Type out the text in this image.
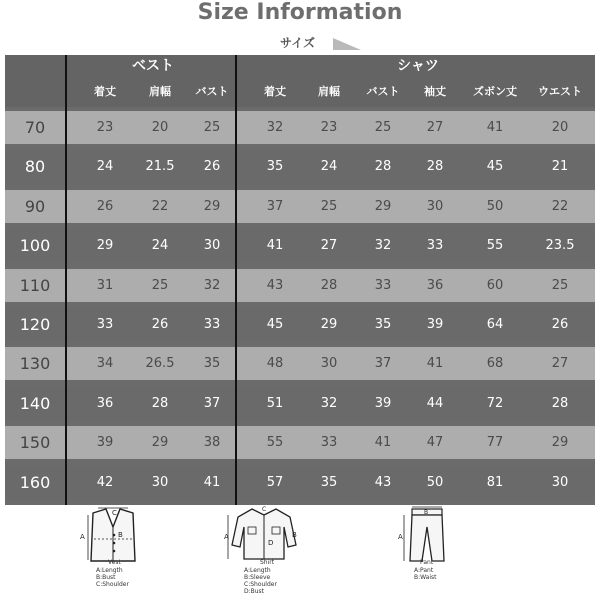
Size Information
サイズ
ベスト	シャツ
着丈	肩幅	バスト	着丈	肩幅	バスト	袖丈	ズボン丈	ウエスト
70	23	20	25	32	23	25	27	41	20
80	24	21.5	26	35	24	28	28	45	21
90	26	22	29	37	25	29	30	50	22
100	29	24	30	41	27	32	33	55	23.5
110	31	25	32	43	28	33	36	60	25
120	33	26	33	45	29	35	39	64	26
130	34	26.5	35	48	30	37	41	68	27
140	36	28	37	51	32	39	44	72	28
150	39	29	38	55	33	41	47	77	29
160	42	30	41	57	35	43	50	81	30
C
A	B
Vest
A:Length
B:Bust
C:Shoulder
A	B
C
D
Shirt
A:Length
B:Sleeve
C:Shoulder
D:Bust
B
A
Pant
A:Pant
B:Waist
